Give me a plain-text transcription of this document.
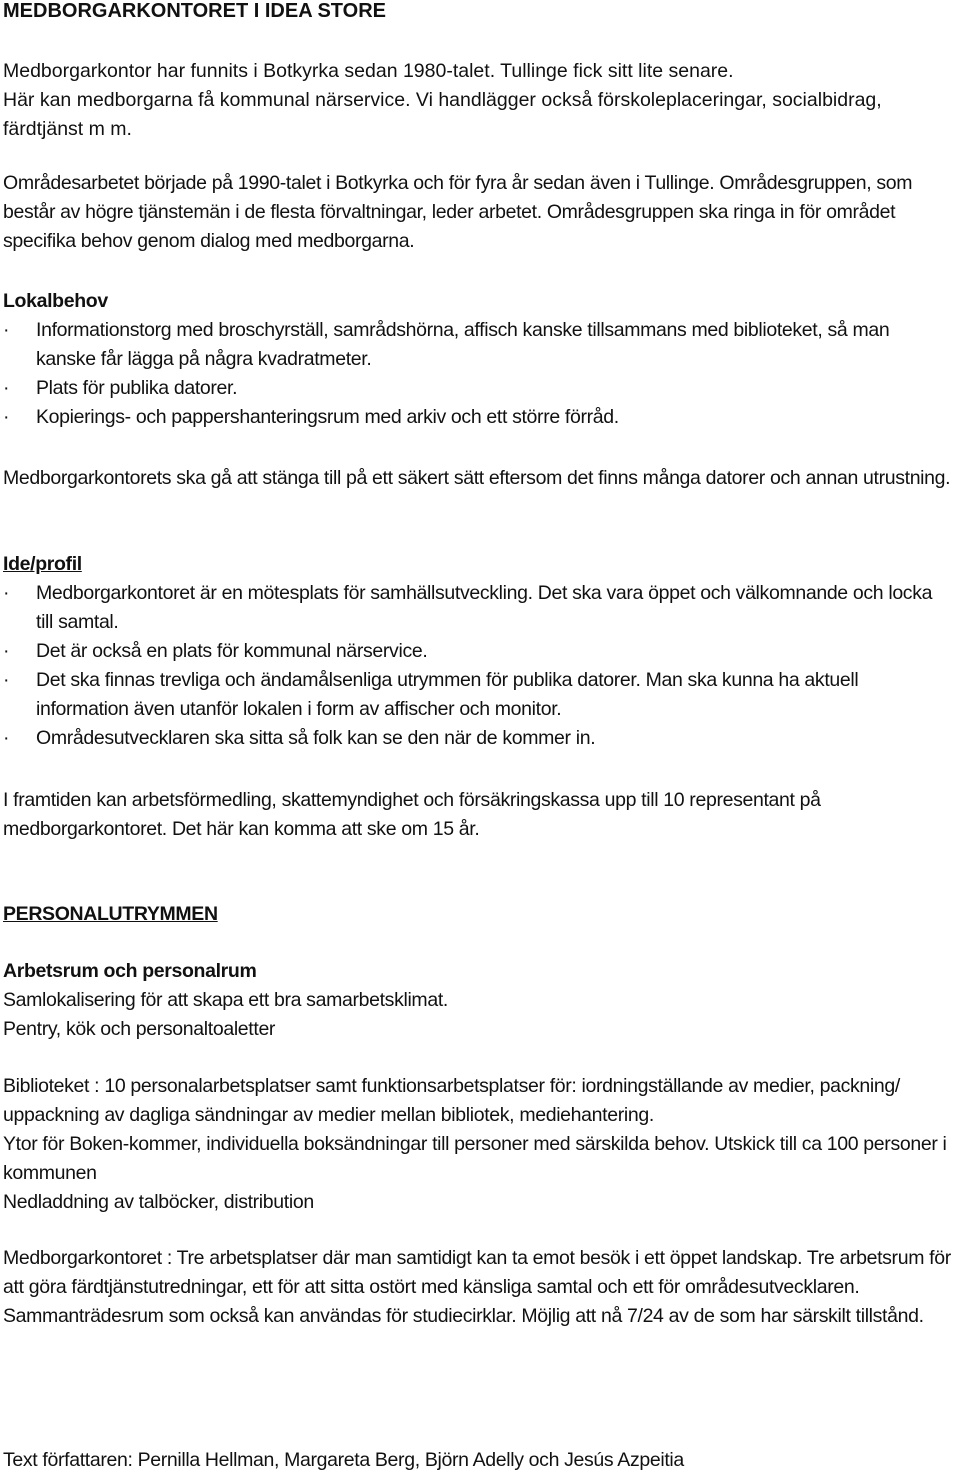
MEDBORGARKONTORET I IDEA STORE

Medborgarkontor har funnits i Botkyrka sedan 1980-talet. Tullinge fick sitt lite senare.

Här kan medborgarna få kommunal närservice. Vi handlägger också förskoleplaceringar, socialbidrag, färdtjänst m m.

Områdesarbetet började på 1990-talet i Botkyrka och för fyra år sedan även i Tullinge. Områdesgruppen, som består av högre tjänstemän i de flesta förvaltningar, leder arbetet. Områdesgruppen ska ringa in för området specifika behov genom dialog med medborgarna.

Lokalbehov

· Informationstorg med broschyrställ, samrådshörna, affisch kanske tillsammans med biblioteket, så man kanske får lägga på några kvadratmeter.

· Plats för publika datorer.

· Kopierings- och pappershanteringsrum med arkiv och ett större förråd.

Medborgarkontorets ska gå att stänga till på ett säkert sätt eftersom det finns många datorer och annan utrustning.

Ide/profil

· Medborgarkontoret är en mötesplats för samhällsutveckling. Det ska vara öppet och välkomnande och locka till samtal.

· Det är också en plats för kommunal närservice.

· Det ska finnas trevliga och ändamålsenliga utrymmen för publika datorer. Man ska kunna ha aktuell information även utanför lokalen i form av affischer och monitor.

· Områdesutvecklaren ska sitta så folk kan se den när de kommer in.

I framtiden kan arbetsförmedling, skattemyndighet och försäkringskassa upp till 10 representant på medborgarkontoret. Det här kan komma att ske om 15 år.

PERSONALUTRYMMEN

Arbetsrum och personalrum

Samlokalisering för att skapa ett bra samarbetsklimat.

Pentry, kök och personaltoaletter

Biblioteket : 10 personalarbetsplatser samt funktionsarbetsplatser för: iordningställande av medier, packning/ uppackning av dagliga sändningar av medier mellan bibliotek, mediehantering.

Ytor för Boken-kommer, individuella boksändningar till personer med särskilda behov. Utskick till ca 100 personer i kommunen

Nedladdning av talböcker, distribution

Medborgarkontoret : Tre arbetsplatser där man samtidigt kan ta emot besök i ett öppet landskap. Tre arbetsrum för att göra färdtjänstutredningar, ett för att sitta ostört med känsliga samtal och ett för områdesutvecklaren.

Sammanträdesrum som också kan användas för studiecirklar. Möjlig att nå 7/24 av de som har särskilt tillstånd.

Text författaren: Pernilla Hellman, Margareta Berg, Björn Adelly och Jesús Azpeitia
